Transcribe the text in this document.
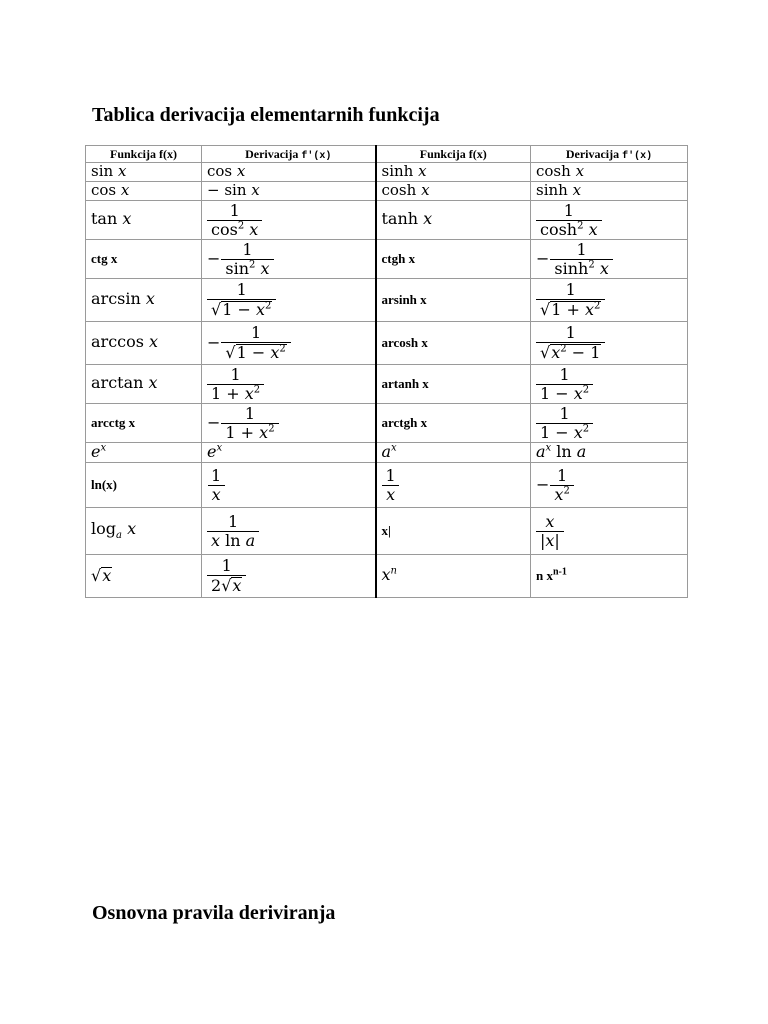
Tablica derivacija elementarnih funkcija
Funkcija f(x)	Derivacija f'(x)	Funkcija f(x)	Derivacija f'(x)
sin x	cos x	sinh x	cosh x
cos x	− sin x	cosh x	sinh x
tan x	$\frac{1}{\cos^2 x}$	tanh x	$\frac{1}{\cosh^2 x}$

ctg x	− $\frac{1}{\sin^2 x}$	ctgh x	− $\frac{1}{\sinh^2 x}$

arcsin x	$\frac{1}{√ 1 - x^2}$	arsinh x	$\frac{1}{√ 1 + x^2}$

arccos x	− $\frac{1}{√ 1 - x^2}$	arcosh x	$\frac{1}{√ x^2 - 1}$

arctan x	$\frac{1}{1 + x^2}$	artanh x	$\frac{1}{1 - x^2}$

arcctg x	− $\frac{1}{1 + x^2}$	arctgh x	$\frac{1}{1 - x^2}$

$e^x$	$e^x$	$a^x$	$a^x$ ln a
ln(x)	$\frac{1}{x}$	$\frac{1}{x}$	− $\frac{1}{x^2}$

$\log_a x$	$\frac{1}{\text{x ln a}}$	x|	$\frac{x}{|x|}$

√ x	$\frac{1}{2 √ x}$	$x^n$	n $x^{n-1}$
Osnovna pravila deriviranja
